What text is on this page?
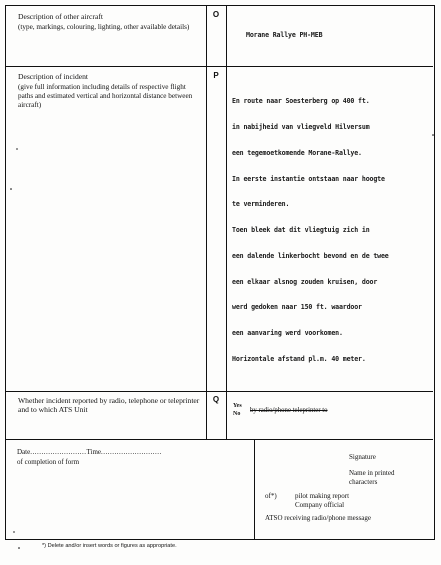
Description of other aircraft
(type, markings, colouring, lighting, other available details)
O
Morane Rallye PH-MEB
Description of incident
(give full information including details of respective flight paths and estimated vertical and horizontal distance between aircraft)
P

En route naar Soesterberg op 400 ft.

in nabijheid van vliegveld Hilversum

een tegemoetkomende Morane-Rallye.

In eerste instantie ontstaan naar hoogte

te verminderen.

Toen bleek dat dit vliegtuig zich in

een dalende linkerbocht bevond en de twee

een elkaar alsnog zouden kruisen, door

werd gedoken naar 150 ft. waardoor

een aanvaring werd voorkomen.

Horizontale afstand pl.m. 40 meter.

Whether incident reported by radio, telephone or teleprinter and to which ATS Unit
Q
Yes
No by radio/phone teleprinter to
Date.........................Time...........................
of completion of form
Signature
Name in printed characters
of*)	pilot making report
Company official
ATSO receiving radio/phone message
*) Delete and/or insert words or figures as appropriate.
